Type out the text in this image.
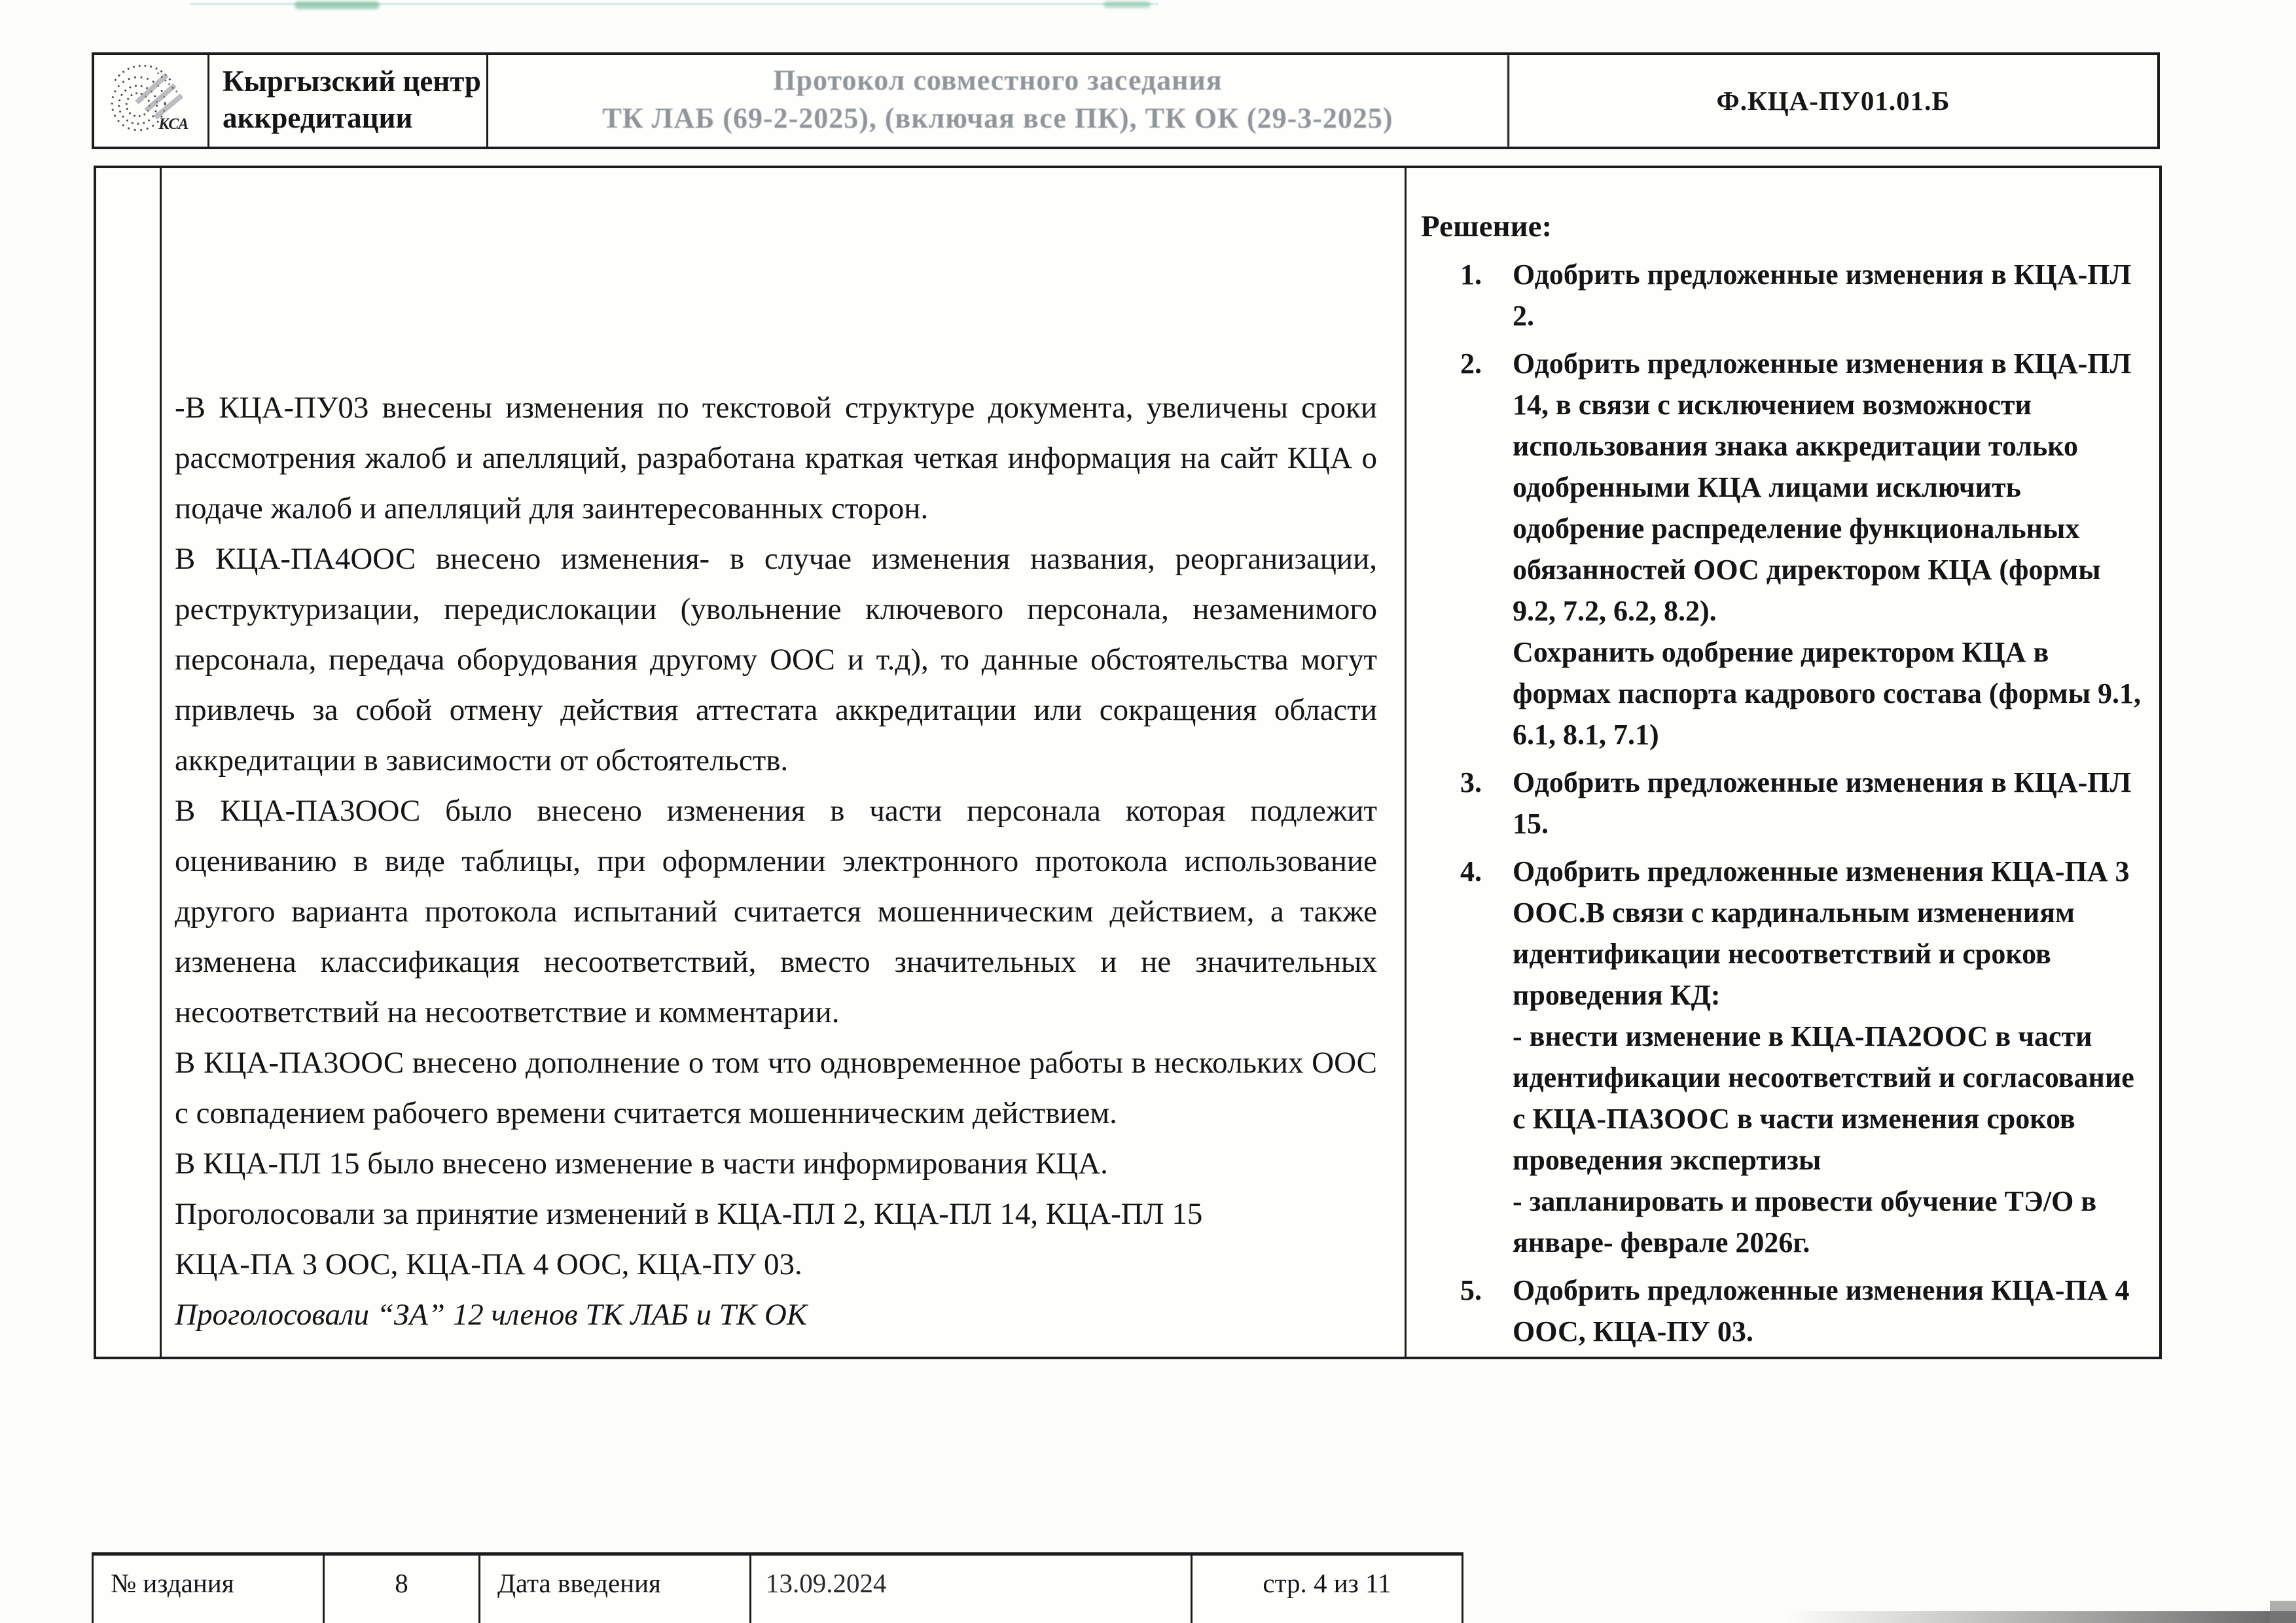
КСА
Кыргызский центр аккредитации
Протокол совместного заседания
ТК ЛАБ (69-2-2025), (включая все ПК), ТК ОК (29-3-2025)
Ф.КЦА-ПУ01.01.Б

-В КЦА-ПУ03 внесены изменения по текстовой структуре документа, увеличены сроки рассмотрения жалоб и апелляций, разработана краткая четкая информация на сайт КЦА о подаче жалоб и апелляций для заинтересованных сторон.

В КЦА-ПА4ООС внесено изменения- в случае изменения названия, реорганизации, реструктуризации, передислокации (увольнение ключевого персонала, незаменимого персонала, передача оборудования другому ООС и т.д), то данные обстоятельства могут привлечь за собой отмену действия аттестата аккредитации или сокращения области аккредитации в зависимости от обстоятельств.

В КЦА-ПА3ООС было внесено изменения в части персонала которая подлежит оцениванию в виде таблицы, при оформлении электронного протокола использование другого варианта протокола испытаний считается мошенническим действием, а также изменена классификация несоответствий, вместо значительных и не значительных несоответствий на несоответствие и комментарии.

В КЦА-ПА3ООС внесено дополнение о том что одновременное работы в нескольких ООС с совпадением рабочего времени считается мошенническим действием.

В КЦА-ПЛ 15 было внесено изменение в части информирования КЦА.

Проголосовали за принятие изменений в КЦА-ПЛ 2, КЦА-ПЛ 14, КЦА-ПЛ 15

КЦА-ПА 3 ООС, КЦА-ПА 4 ООС, КЦА-ПУ 03.

Проголосовали “ЗА” 12 членов ТК ЛАБ и ТК ОК

Решение:

1.	Одобрить предложенные изменения в КЦА-ПЛ 2.

2.	Одобрить предложенные изменения в КЦА-ПЛ 14, в связи с исключением возможности использования знака аккредитации только одобренными КЦА лицами исключить одобрение распределение функциональных обязанностей ООС директором КЦА (формы 9.2, 7.2, 6.2, 8.2).

Сохранить одобрение директором КЦА в формах паспорта кадрового состава (формы 9.1, 6.1, 8.1, 7.1)

3.	Одобрить предложенные изменения в КЦА-ПЛ 15.

4.	Одобрить предложенные изменения КЦА-ПА 3 ООС.В связи с кардинальным изменениям идентификации несоответствий и сроков проведения КД:

- внести изменение в КЦА-ПА2ООС в части идентификации несоответствий и согласование с КЦА-ПА3ООС в части изменения сроков проведения экспертизы

- запланировать и провести обучение ТЭ/О в январе- феврале 2026г.

5.	Одобрить предложенные изменения КЦА-ПА 4 ООС, КЦА-ПУ 03.

№ издания	8	Дата введения	13.09.2024	стр. 4 из 11
